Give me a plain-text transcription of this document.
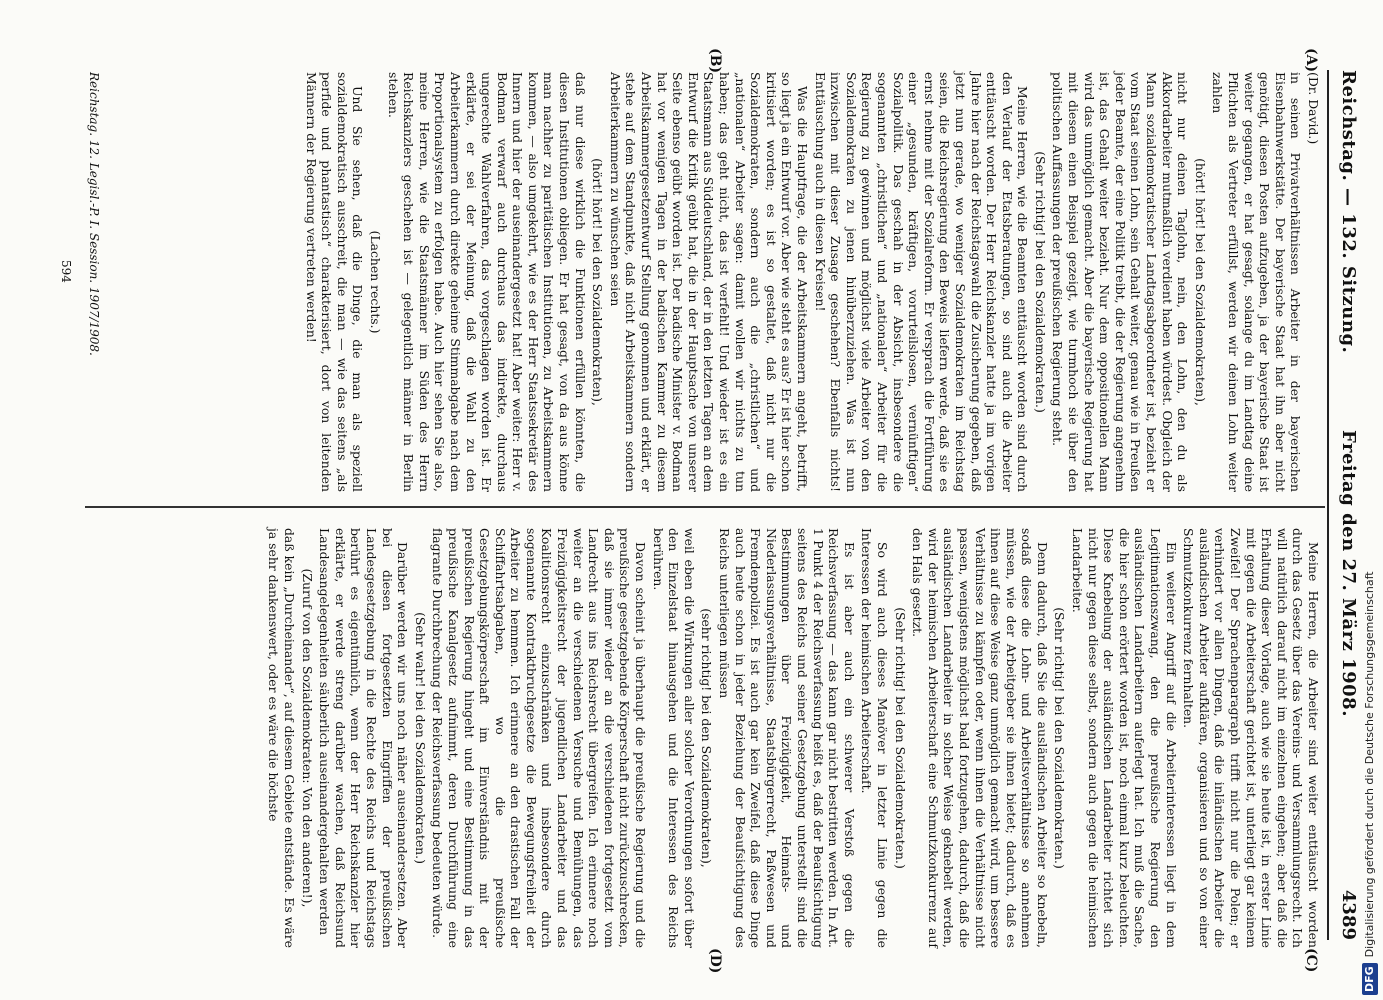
Reichstag. — 132. Sitzung.
Freitag den 27. März 1908.
4389
(A)
(B)
(C)
(D)

(Dr. David.)

in seinen Privatverhältnissen Arbeiter in der bayerischen Eisenbahnwerkstätte. Der bayerische Staat hat ihn aber nicht genötigt, diesen Posten aufzugeben, ja der bayerische Staat ist weiter gegangen, er hat gesagt, solange du im Landtag deine Pflichten als Vertreter erfüllst, werden wir deinen Lohn weiter zahlen

(hört! hört! bei den Sozialdemokraten),

nicht nur deinen Taglohn, nein, den Lohn, den du als Akkordarbeiter mutmaßlich verdient haben würdest. Obgleich der Mann sozialdemokratischer Landtagsabgeordneter ist, bezieht er vom Staat seinen Lohn, sein Gehalt weiter, genau wie in Preußen jeder Beamte, der eine Politik treibt, die der Regierung angenehm ist, das Gehalt weiter bezieht. Nur dem oppositionellen Mann wird das unmöglich gemacht. Aber die bayerische Regierung hat mit diesem einen Beispiel gezeigt, wie turmhoch sie über den politischen Auffassungen der preußischen Regierung steht.

(Sehr richtig! bei den Sozialdemokraten.)

Meine Herren, wie die Beamten enttäuscht worden sind durch den Verlauf der Etatsberatungen, so sind auch die Arbeiter enttäuscht worden. Der Herr Reichskanzler hatte ja im vorigen Jahre hier nach der Reichstagswahl die Zusicherung gegeben, daß jetzt nun gerade, wo weniger Sozialdemokraten im Reichstag seien, die Reichsregierung den Beweis liefern werde, daß sie es ernst nehme mit der Sozialreform. Er versprach die Fortführung einer „gesunden, kräftigen, vorurteilslosen, vernünftigen“ Sozialpolitik. Das geschah in der Absicht, insbesondere die sogenannten „christlichen“ und „nationalen“ Arbeiter für die Regierung zu gewinnen und möglichst viele Arbeiter von den Sozialdemokraten zu jenen hinüberzuziehen. Was ist nun inzwischen mit dieser Zusage geschehen? Ebenfalls nichts! Enttäuschung auch in diesen Kreisen!

Was die Hauptfrage, die der Arbeitskammern angeht, betrifft, so liegt ja ein Entwurf vor. Aber wie steht es aus? Er ist hier schon kritisiert worden; es ist so gestaltet, daß nicht nur die Sozialdemokraten, sondern auch die „christlichen“ und „nationalen“ Arbeiter sagen: damit wollen wir nichts zu tun haben; das geht nicht, das ist verfehlt! Und wieder ist es ein Staatsmann aus Süddeutschland, der in den letzten Tagen an dem Entwurf die Kritik geübt hat, die in der Hauptsache von unserer Seite ebenso geübt worden ist. Der badische Minister v. Bodman hat vor wenigen Tagen in der badischen Kammer zu diesem Arbeitskammergesetzentwurf Stellung genommen und erklärt, er stehe auf dem Standpunkte, daß nicht Arbeitskammern sondern Arbeiterkammern zu wünschen seien

(hört! hört! bei den Sozialdemokraten),

daß nur diese wirklich die Funktionen erfüllen könnten, die diesen Institutionen obliegen. Er hat gesagt, von da aus könne man nachher zu paritätischen Institutionen, zu Arbeitskammern kommen, — also umgekehrt, wie es der Herr Staatssekretär des Innern und hier der auseinandergesetzt hat! Aber weiter: Herr v. Bodman verwarf auch durchaus das indirekte, durchaus ungerechte Wahlverfahren, das vorgeschlagen worden ist. Er erklärte, er sei der Meinung, daß die Wahl zu den Arbeiterkammern durch direkte geheime Stimmabgabe nach dem Proportionalsystem zu erfolgen habe. Auch hier sehen Sie also, meine Herren, wie die Staatsmänner im Süden des Herrn Reichskanzlers geschehen ist — gelegentlich männer in Berlin stehen.

(Lachen rechts.)

Und Sie sehen, daß die Dinge, die man als speziell sozialdemokratisch ausschreit, die man — wie das seitens „als perfide und phantastisch“ charakterisiert, dort von leitenden Männern der Regierung vertreten werden!

Meine Herren, die Arbeiter sind weiter enttäuscht worden durch das Gesetz über das Vereins- und Versammlungsrecht. Ich will natürlich darauf nicht im einzelnen eingehen; aber daß die Erhaltung dieser Vorlage, auch wie sie heute ist, in erster Linie mit gegen die Arbeiterschaft gerichtet ist, unterliegt gar keinem Zweifel! Der Sprachenparagraph trifft nicht nur die Polen; er verhindert vor allen Dingen, daß die inländischen Arbeiter die ausländischen Arbeiter aufklären, organisieren und so von einer Schmutzkonkurrenz fernhalten.

Ein weiterer Angriff auf die Arbeiterinteressen liegt in dem Legitimationszwang, den die preußische Regierung den ausländischen Landarbeitern auferlegt hat. Ich muß die Sache, die hier schon erörtert worden ist, noch einmal kurz beleuchten. Diese Knebelung der ausländischen Landarbeiter richtet sich nicht nur gegen diese selbst, sondern auch gegen die heimischen Landarbeiter.

(Sehr richtig! bei den Sozialdemokraten.)

Denn dadurch, daß Sie die ausländischen Arbeiter so knebeln, sodaß diese die Lohn- und Arbeitsverhältnisse so annehmen müssen, wie der Arbeitgeber sie ihnen bietet; dadurch, daß es ihnen auf diese Weise ganz unmöglich gemacht wird, um bessere Verhältnisse zu kämpfen oder, wenn ihnen die Verhältnisse nicht passen, wenigstens möglichst bald fortzugehen, dadurch, daß die ausländischen Landarbeiter in solcher Weise geknebelt werden, wird der heimischen Arbeiterschaft eine Schmutzkonkurrenz auf den Hals gesetzt.

(Sehr richtig! bei den Sozialdemokraten.)

So wird auch dieses Manöver in letzter Linie gegen die Interessen der heimischen Arbeiterschaft.

Es ist aber auch ein schwerer Verstoß gegen die Reichsverfassung — das kann gar nicht bestritten werden. In Art. 1 Punkt 4 der Reichsverfassung heißt es, daß der Beaufsichtigung seitens des Reichs und seiner Gesetzgebung unterstellt sind die Bestimmungen über Freizügigkeit, Heimats- und Niederlassungsverhältnisse, Staatsbürgerrecht, Paßwesen und Fremdenpolizei. Es ist auch gar kein Zweifel, daß diese Dinge auch heute schon in jeder Beziehung der Beaufsichtigung des Reichs unterliegen müssen

(sehr richtig! bei den Sozialdemokraten),

weil eben die Wirkungen aller solcher Verordnungen sofort über den Einzelstaat hinausgehen und die Interessen des Reichs berühren.

Davon scheint ja überhaupt die preußische Regierung und die preußische gesetzgebende Körperschaft nicht zurückzuschrecken, daß sie immer wieder an die verschiedenen fortgesetzt vom Landrecht aus ins Reichsrecht übergreifen. Ich erinnere noch weiter an die verschiedenen Versuche und Bemühungen, das Freizügigkeitsrecht der jugendlichen Landarbeiter und das Koalitionsrecht einzuschränken und insbesondere durch sogenannte Kontraktbruchgesetze die Bewegungsfreiheit der Arbeiter zu hemmen. Ich erinnere an den drastischen Fall der Schiffahrtsabgaben, wo die preußische Gesetzgebungskörperschaft im Einverständnis mit der preußischen Regierung hingeht und eine Bestimmung in das preußische Kanalgesetz aufnimmt, deren Durchführung eine flagrante Durchbrechung der Reichsverfassung bedeuten würde.

(Sehr wahr! bei den Sozialdemokraten.)

Darüber werden wir uns noch näher auseinandersetzen. Aber bei diesen fortgesetzten Eingriffen der preußischen Landesgesetzgebung in die Rechte des Reichs und Reichstags berührt es eigentümlich, wenn der Herr Reichskanzler hier erklärte, er werde streng darüber wachen, daß Reichsund Landesangelegenheiten säuberlich auseinandergehalten werden

(Zuruf von den Sozialdemokraten: Von den anderen!),

daß kein „Durcheinander“, auf diesem Gebiete entstände. Es wäre ja sehr dankenswert, oder es wäre die höchste

Reichstag. 12. Legisl.-P. I. Session. 1907/1908.
594
DFGDigitalisierung gefördert durch die Deutsche Forschungsgemeinschaft
